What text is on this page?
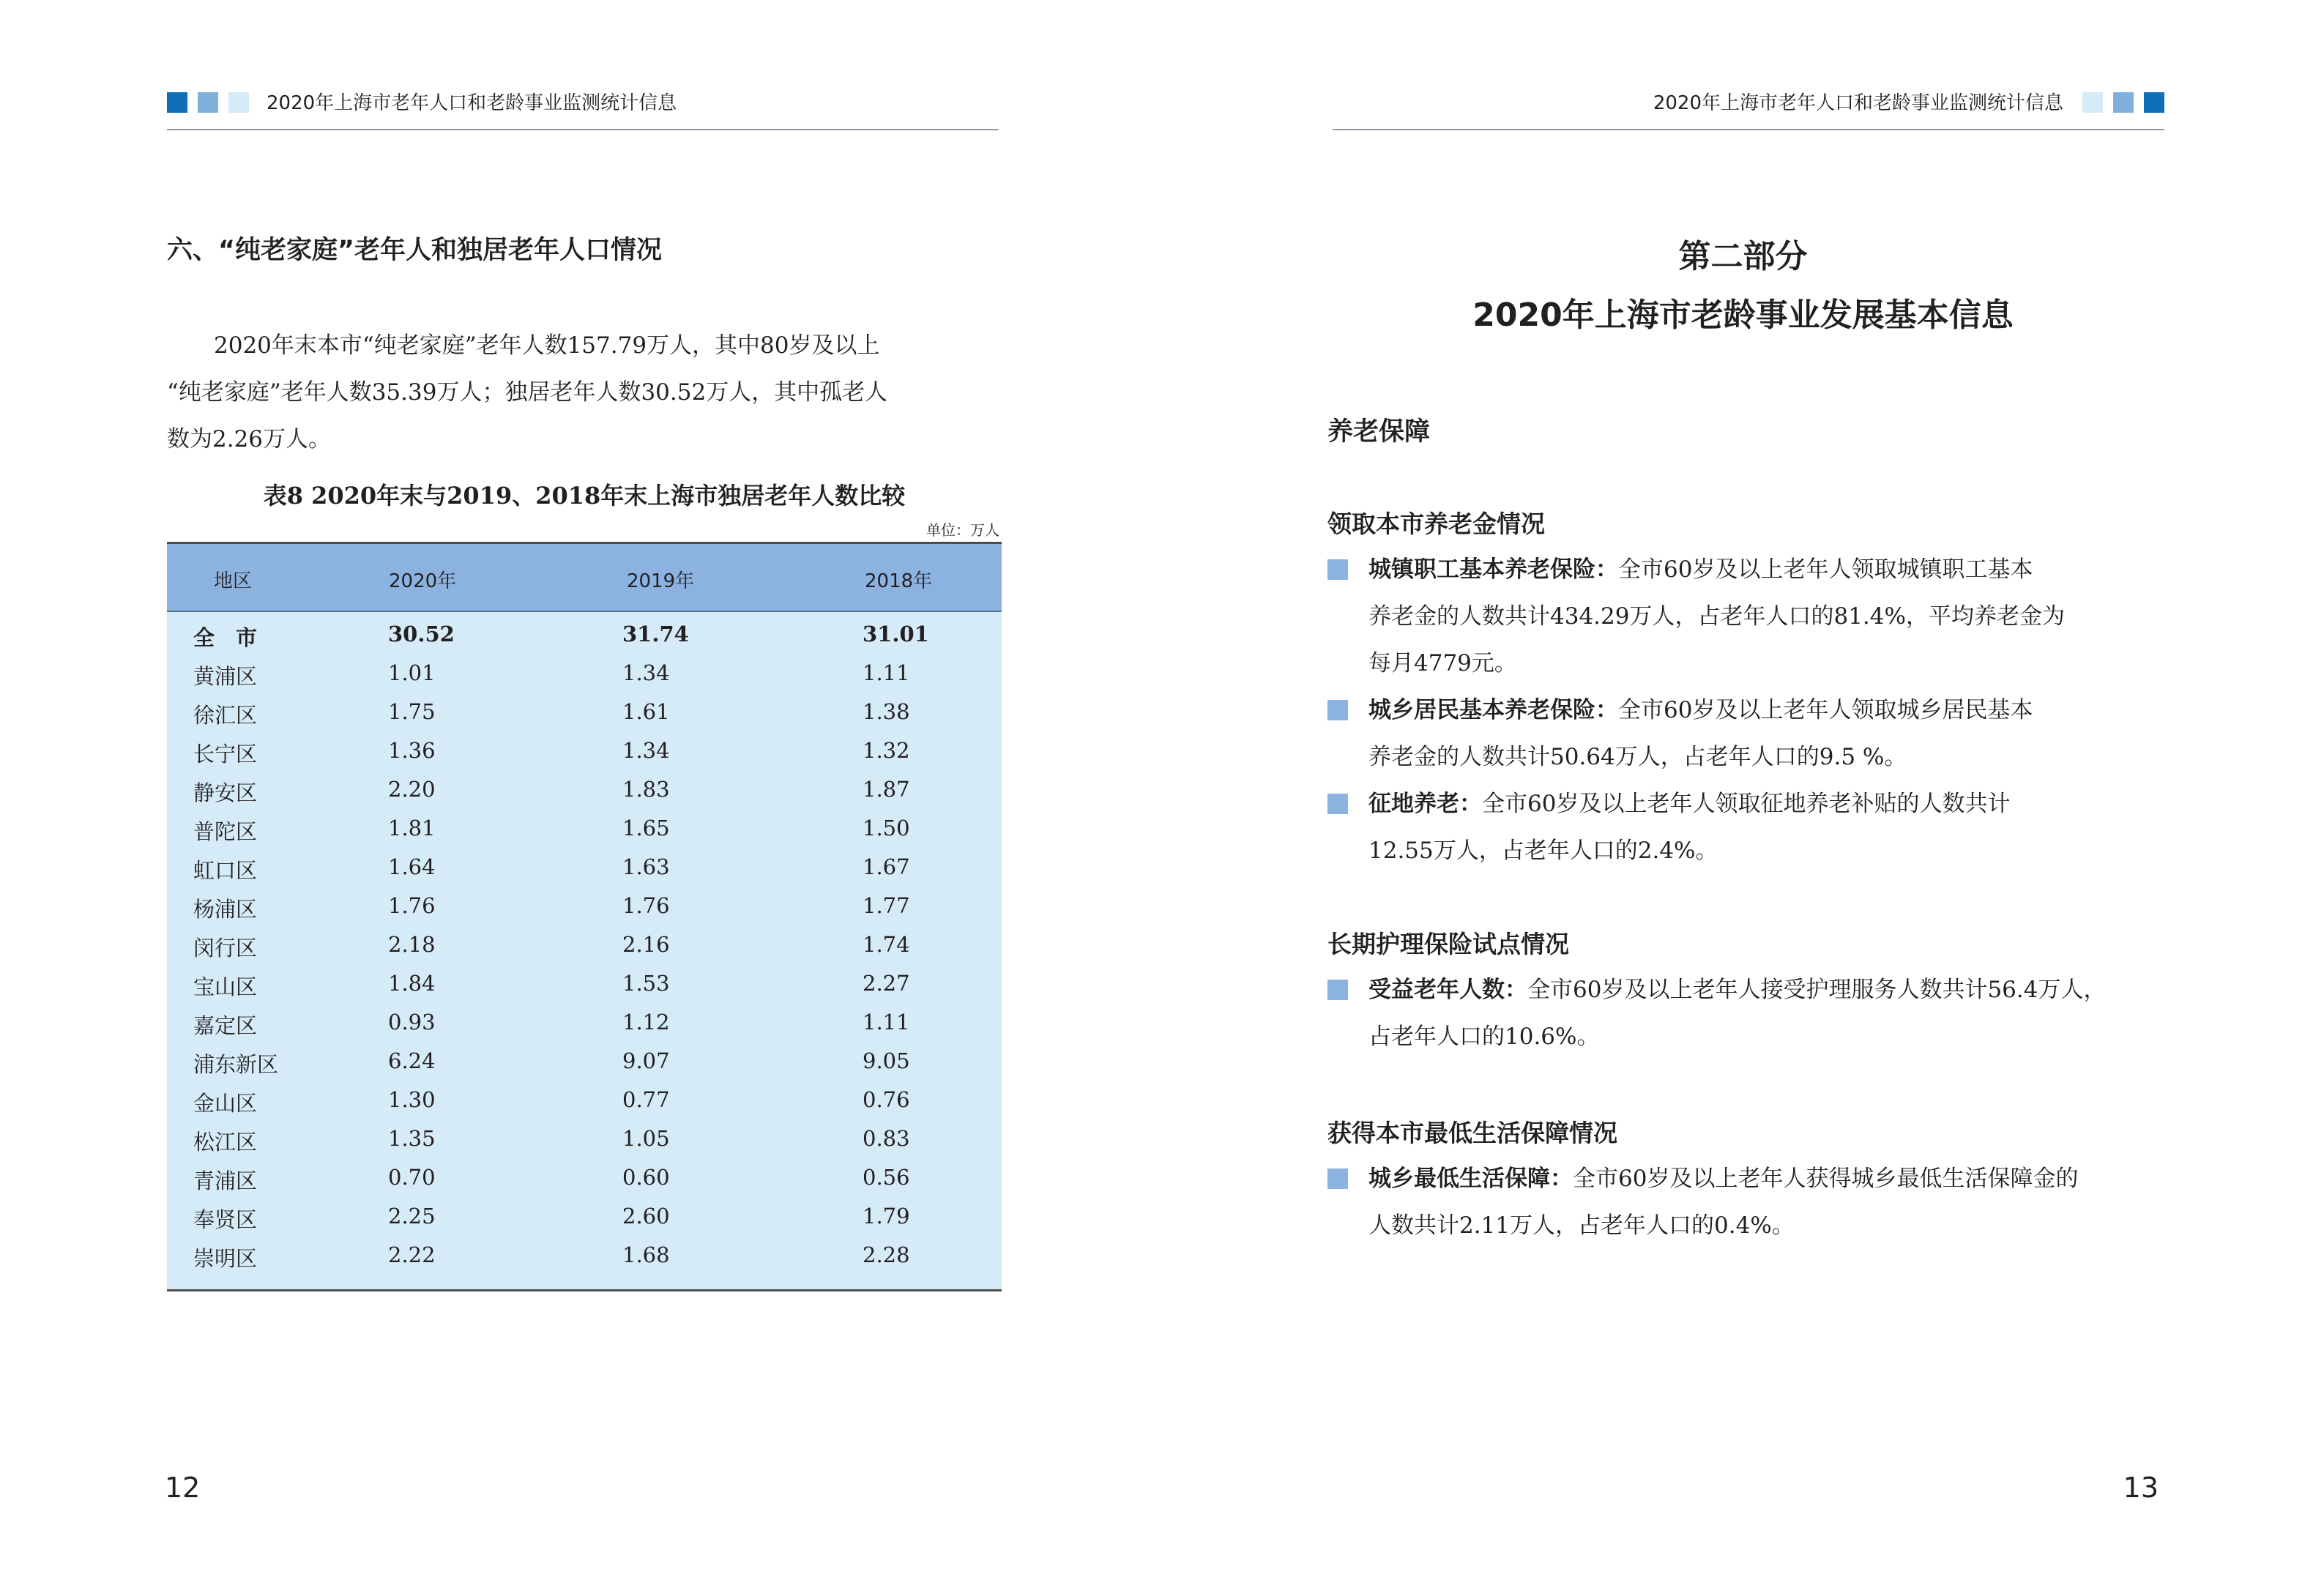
2020年上海市老年人口和老龄事业监测统计信息
六、“纯老家庭”老年人和独居老年人口情况
2020年末本市“纯老家庭”老年人数157.79万人，其中80岁及以上
“纯老家庭”老年人数35.39万人；独居老年人数30.52万人，其中孤老人
数为2.26万人。
表8 2020年末与2019、2018年末上海市独居老年人数比较
单位：万人
地区	2020年	2019年	2018年
全　市	30.52	31.74	31.01
黄浦区	1.01	1.34	1.11
徐汇区	1.75	1.61	1.38
长宁区	1.36	1.34	1.32
静安区	2.20	1.83	1.87
普陀区	1.81	1.65	1.50
虹口区	1.64	1.63	1.67
杨浦区	1.76	1.76	1.77
闵行区	2.18	2.16	1.74
宝山区	1.84	1.53	2.27
嘉定区	0.93	1.12	1.11
浦东新区	6.24	9.07	9.05
金山区	1.30	0.77	0.76
松江区	1.35	1.05	0.83
青浦区	0.70	0.60	0.56
奉贤区	2.25	2.60	1.79
崇明区	2.22	1.68	2.28
12
2020年上海市老年人口和老龄事业监测统计信息
第二部分
2020年上海市老龄事业发展基本信息
养老保障
领取本市养老金情况
城镇职工基本养老保险：全市60岁及以上老年人领取城镇职工基本
养老金的人数共计434.29万人，占老年人口的81.4%，平均养老金为
每月4779元。
城乡居民基本养老保险：全市60岁及以上老年人领取城乡居民基本
养老金的人数共计50.64万人，占老年人口的9.5 %。
征地养老：全市60岁及以上老年人领取征地养老补贴的人数共计
12.55万人，占老年人口的2.4%。
长期护理保险试点情况
受益老年人数：全市60岁及以上老年人接受护理服务人数共计56.4万人，
占老年人口的10.6%。
获得本市最低生活保障情况
城乡最低生活保障：全市60岁及以上老年人获得城乡最低生活保障金的
人数共计2.11万人，占老年人口的0.4%。
13
